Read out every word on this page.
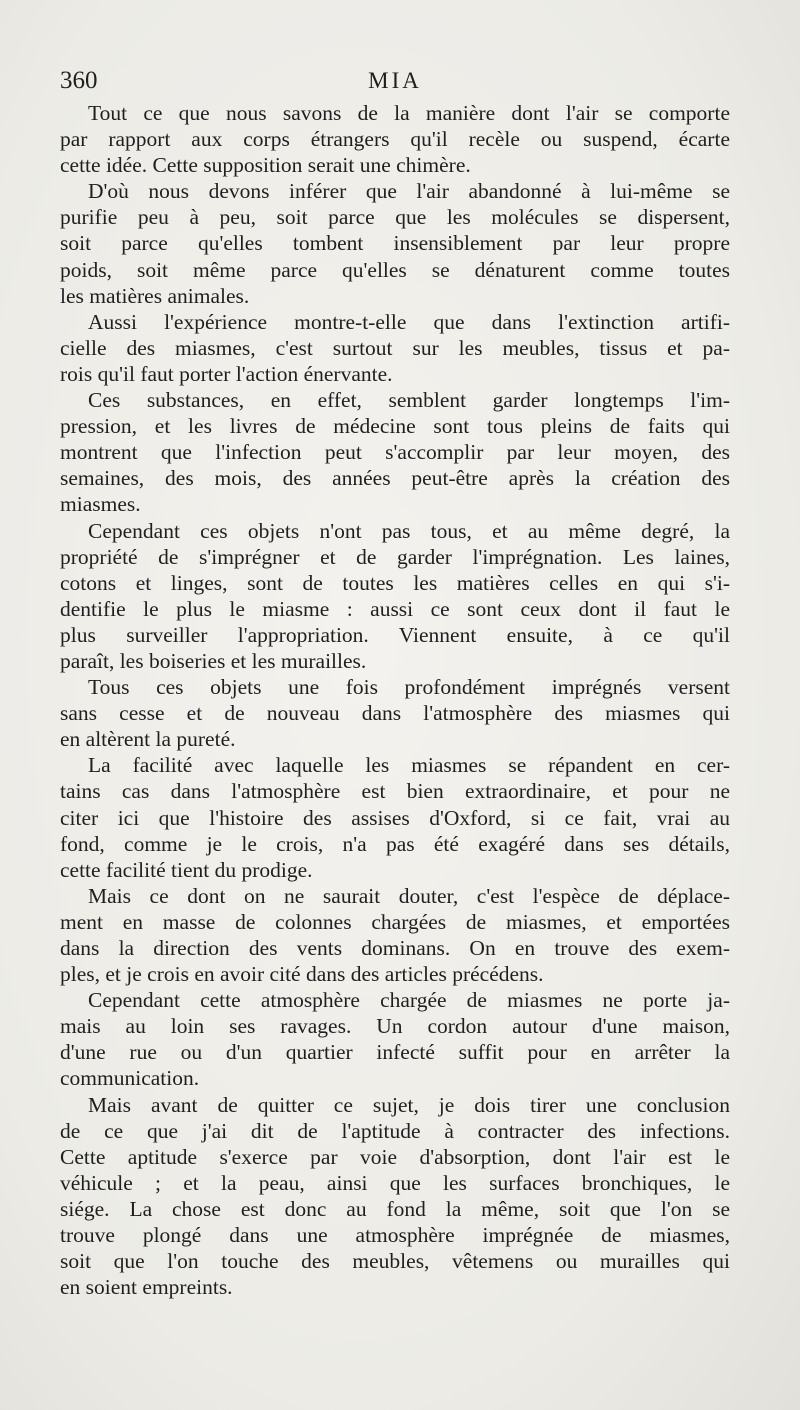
360	MIA
Tout ce que nous savons de la manière dont l'air se comporte
par rapport aux corps étrangers qu'il recèle ou suspend, écarte
cette idée. Cette supposition serait une chimère.
D'où nous devons inférer que l'air abandonné à lui-même se
purifie peu à peu, soit parce que les molécules se dispersent,
soit parce qu'elles tombent insensiblement par leur propre
poids, soit même parce qu'elles se dénaturent comme toutes
les matières animales.
Aussi l'expérience montre-t-elle que dans l'extinction artifi-
cielle des miasmes, c'est surtout sur les meubles, tissus et pa-
rois qu'il faut porter l'action énervante.
Ces substances, en effet, semblent garder longtemps l'im-
pression, et les livres de médecine sont tous pleins de faits qui
montrent que l'infection peut s'accomplir par leur moyen, des
semaines, des mois, des années peut-être après la création des
miasmes.
Cependant ces objets n'ont pas tous, et au même degré, la
propriété de s'imprégner et de garder l'imprégnation. Les laines,
cotons et linges, sont de toutes les matières celles en qui s'i-
dentifie le plus le miasme : aussi ce sont ceux dont il faut le
plus surveiller l'appropriation. Viennent ensuite, à ce qu'il
paraît, les boiseries et les murailles.
Tous ces objets une fois profondément imprégnés versent
sans cesse et de nouveau dans l'atmosphère des miasmes qui
en altèrent la pureté.
La facilité avec laquelle les miasmes se répandent en cer-
tains cas dans l'atmosphère est bien extraordinaire, et pour ne
citer ici que l'histoire des assises d'Oxford, si ce fait, vrai au
fond, comme je le crois, n'a pas été exagéré dans ses détails,
cette facilité tient du prodige.
Mais ce dont on ne saurait douter, c'est l'espèce de déplace-
ment en masse de colonnes chargées de miasmes, et emportées
dans la direction des vents dominans. On en trouve des exem-
ples, et je crois en avoir cité dans des articles précédens.
Cependant cette atmosphère chargée de miasmes ne porte ja-
mais au loin ses ravages. Un cordon autour d'une maison,
d'une rue ou d'un quartier infecté suffit pour en arrêter la
communication.
Mais avant de quitter ce sujet, je dois tirer une conclusion
de ce que j'ai dit de l'aptitude à contracter des infections.
Cette aptitude s'exerce par voie d'absorption, dont l'air est le
véhicule ; et la peau, ainsi que les surfaces bronchiques, le
siége. La chose est donc au fond la même, soit que l'on se
trouve plongé dans une atmosphère imprégnée de miasmes,
soit que l'on touche des meubles, vêtemens ou murailles qui
en soient empreints.
